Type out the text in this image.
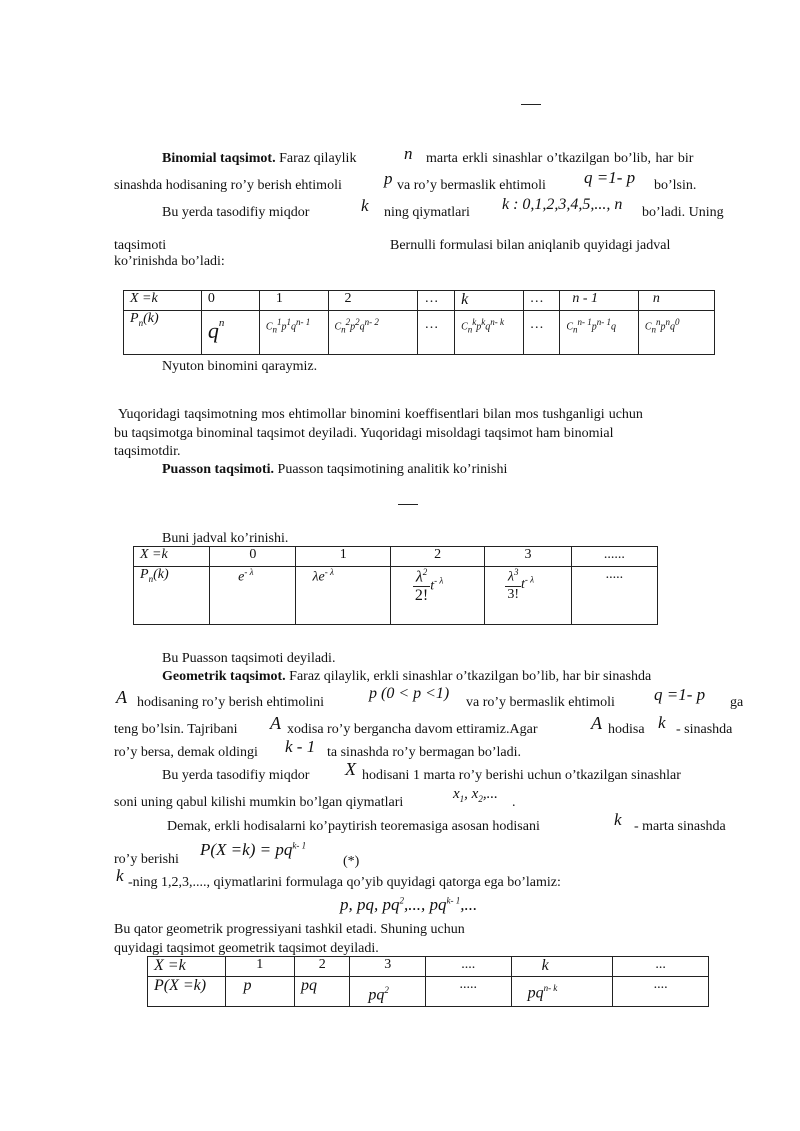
Binomial taqsimot. Faraz qilaylik	n marta erkli sinashlar o’tkazilgan bo’lib, har bir
sinashda hodisaning ro’y berish ehtimoli p va ro’y bermaslik ehtimoli q =1- p bo’lsin.
Bu yerda tasodifiy miqdor	k ning qiymatlari k : 0,1,2,3,4,5,..., n bo’ladi. Uning
taqsimoti	Bernulli formulasi bilan aniqlanib quyidagi jadval
ko’rinishda bo’ladi:
X =k	0	1	2	…	k	…	n - 1	n
$P_n(k)$	$q^n$	$C_n^1p^1q^{n- 1}$	$C_n^2p^2q^{n- 2}$	…	$C_n^kp^kq^{n- k}$	…	$C_n^{n- 1}p^{n- 1}q$	$C_n^np^nq^0$
Nyuton binomini qaraymiz.
Yuqoridagi taqsimotning mos ehtimollar binomini koeffisentlari bilan mos tushganligi uchun
bu taqsimotga binominal taqsimot deyiladi. Yuqoridagi misoldagi taqsimot ham binomial
taqsimotdir.
Puasson taqsimoti. Puasson taqsimotining analitik ko’rinishi
Buni jadval ko’rinishi.
X =k	0	1	2	3	......
$P_n(k)$	$e^{- \lambda}$	$\lambda e^{- \lambda}$	$\frac{\lambda^2}{2!} t^{- \lambda}$	$\frac{\lambda^3}{3!} t^{- \lambda}$	.....
Bu Puasson taqsimoti deyiladi.
Geometrik taqsimot. Faraz qilaylik, erkli sinashlar o’tkazilgan bo’lib, har bir sinashda
A hodisaning ro’y berish ehtimolini
p (0 < p <1)
va ro’y bermaslik ehtimoli q =1- p ga
teng bo’lsin. Tajribani A xodisa ro’y berganсha davom ettiramiz.Agar	A hodisa k - sinashda
ro’y bersa, demak oldingi k - 1 ta sinashda ro’y bermagan bo’ladi.
Bu yerda tasodifiy miqdor X hodisani 1 marta ro’y berishi uchun o’tkazilgan sinashlar
soni uning qabul kilishi mumkin bo’lgan qiymatlari
$x_1$, $x_2$,...
.
Demak, erkli hodisalarni ko’paytirish teoremasiga asosan hodisani	k - marta sinashda
ro’y berishi
$P(X =k) = pq^{k- 1}$
(*)
k -ning 1,2,3,...., qiymatlarini formulaga qo’yib quyidagi qatorga ega bo’lamiz:
p, pq, $pq^2$,..., $pq^{k- 1}$,...
Bu qator geometrik progressiyani tashkil etadi. Shuning uchun
quyidagi taqsimot geometrik taqsimot deyiladi.
X =k	1	2	3	....	k	...
P(X =k)	p	pq	$pq^2$	.....	$pq^{n- k}$	....
